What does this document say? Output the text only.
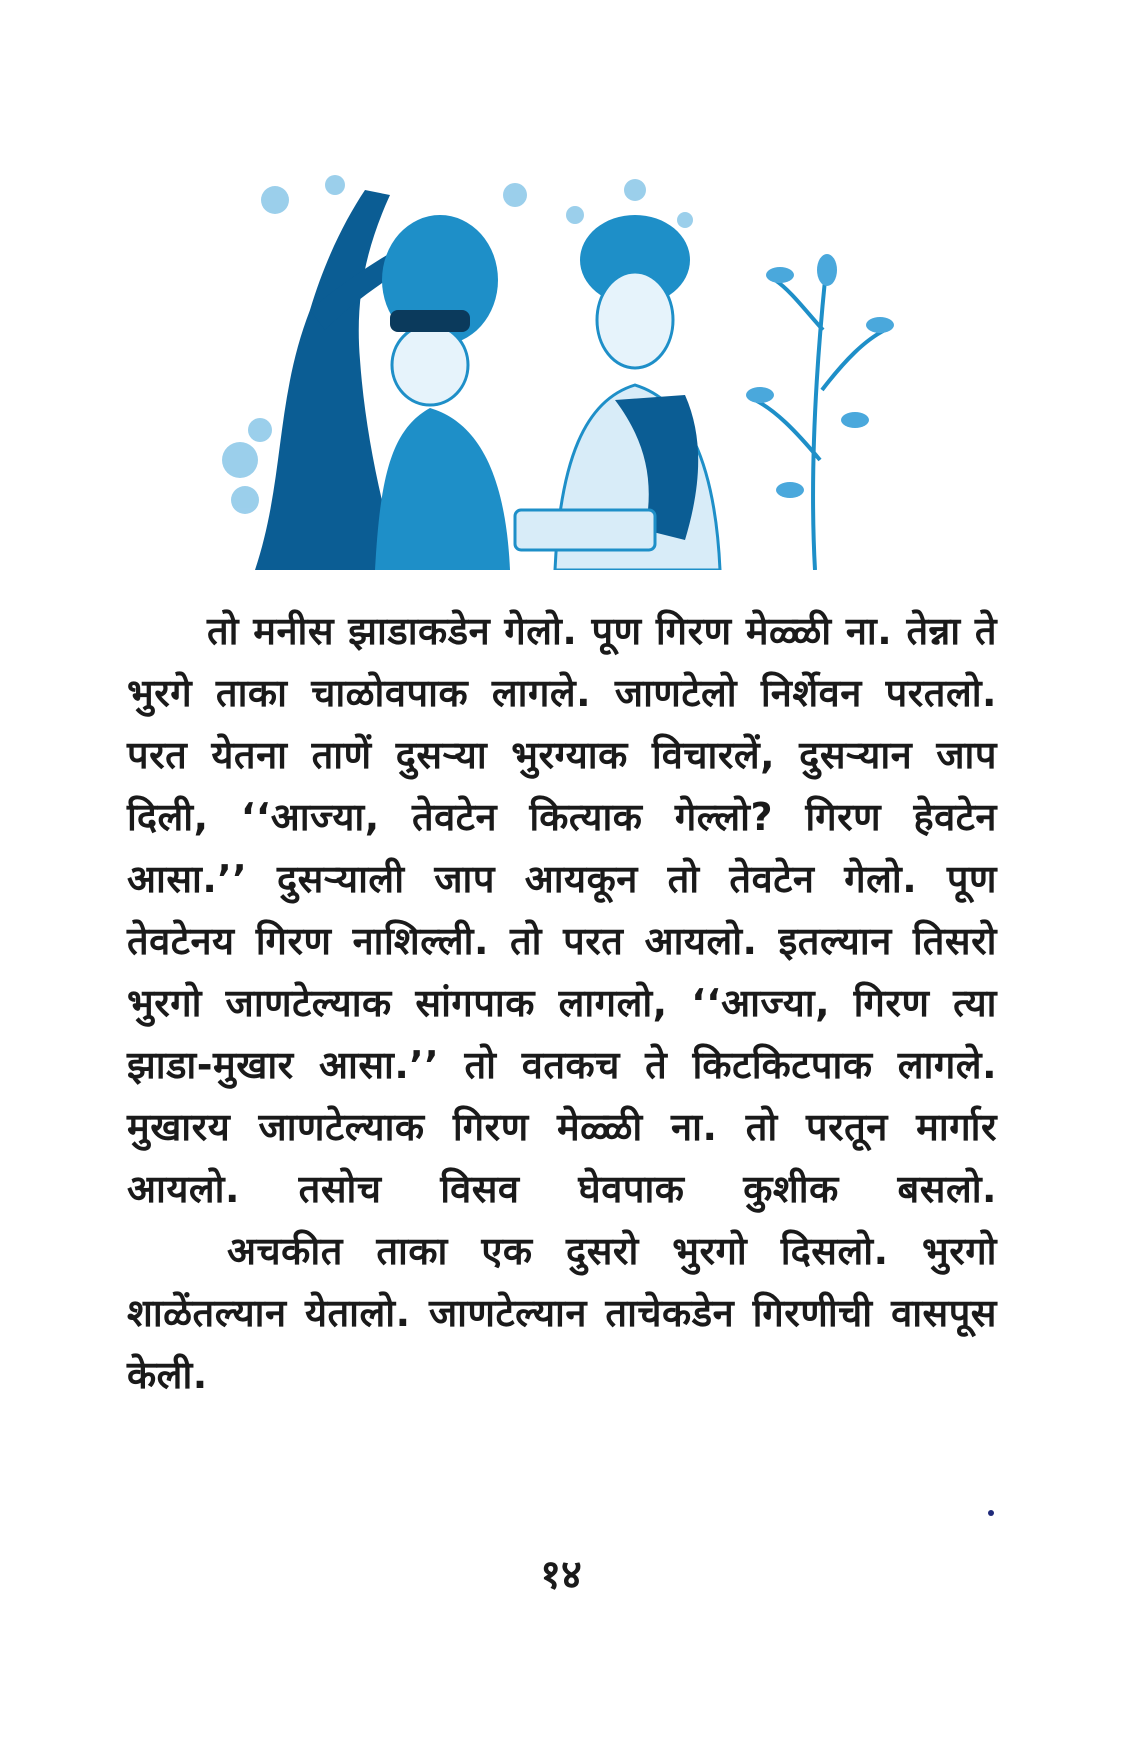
तो मनीस झाडाकडेन गेलो. पूण गिरण मेळ्ळी ना. तेन्ना ते भुरगे ताका चाळोवपाक लागले. जाणटेलो निर्शेवन परतलो. परत येतना ताणें दुसऱ्या भुरग्याक विचारलें, दुसऱ्यान जाप दिली, ‘‘आज्या, तेवटेन कित्याक गेल्लो? गिरण हेवटेन आसा.’’ दुसऱ्याली जाप आयकून तो तेवटेन गेलो. पूण तेवटेनय गिरण नाशिल्ली. तो परत आयलो. इतल्यान तिसरो भुरगो जाणटेल्याक सांगपाक लागलो, ‘‘आज्या, गिरण त्या झाडा-मुखार आसा.’’ तो वतकच ते किटकिटपाक लागले. मुखारय जाणटेल्याक गिरण मेळ्ळी ना. तो परतून मार्गार आयलो. तसोच विसव घेवपाक कुशीक बसलो.

अचकीत ताका एक दुसरो भुरगो दिसलो. भुरगो शाळेंतल्यान येतालो. जाणटेल्यान ताचेकडेन गिरणीची वासपूस केली.

१४
